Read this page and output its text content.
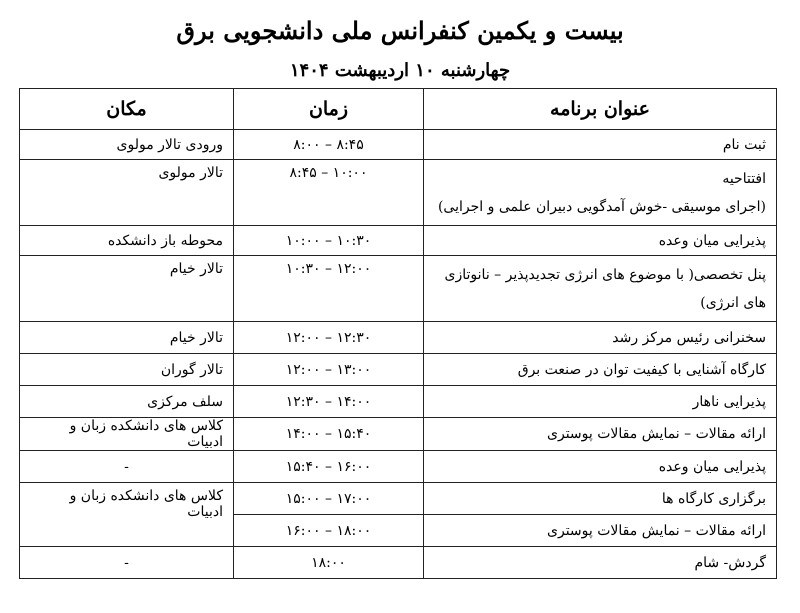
بیست و یکمین کنفرانس ملی دانشجویی برق
چهارشنبه ۱۰ اردیبهشت ۱۴۰۴
عنوان برنامه	زمان	مکان
ثبت نام	۸:۰۰ – ۸:۴۵	ورودی تالار مولوی

افتتاحیه
(اجرای موسیقی -خوش آمدگویی دبیران علمی و اجرایی)	۸:۴۵ – ۱۰:۰۰	تالار مولوی
پذیرایی میان وعده	۱۰:۰۰ – ۱۰:۳۰	محوطه باز دانشکده
پنل تخصصی( با موضوع های انرژی تجدیدپذیر – نانوتازی های انرژی)	۱۰:۳۰ – ۱۲:۰۰	تالار خیام
سخنرانی رئیس مرکز رشد	۱۲:۰۰ – ۱۲:۳۰	تالار خیام
کارگاه آشنایی با کیفیت توان در صنعت برق	۱۲:۰۰ – ۱۳:۰۰	تالار گوران
پذیرایی ناهار	۱۲:۳۰ – ۱۴:۰۰	سلف مرکزی
ارائه مقالات – نمایش مقالات پوستری	۱۴:۰۰ – ۱۵:۴۰	کلاس های دانشکده زبان و ادبیات
پذیرایی میان وعده	۱۵:۴۰ – ۱۶:۰۰	-
برگزاری کارگاه ها	۱۵:۰۰ – ۱۷:۰۰	کلاس های دانشکده زبان و ادبیات
ارائه مقالات – نمایش مقالات پوستری	۱۶:۰۰ – ۱۸:۰۰	
گردش- شام	۱۸:۰۰	-
